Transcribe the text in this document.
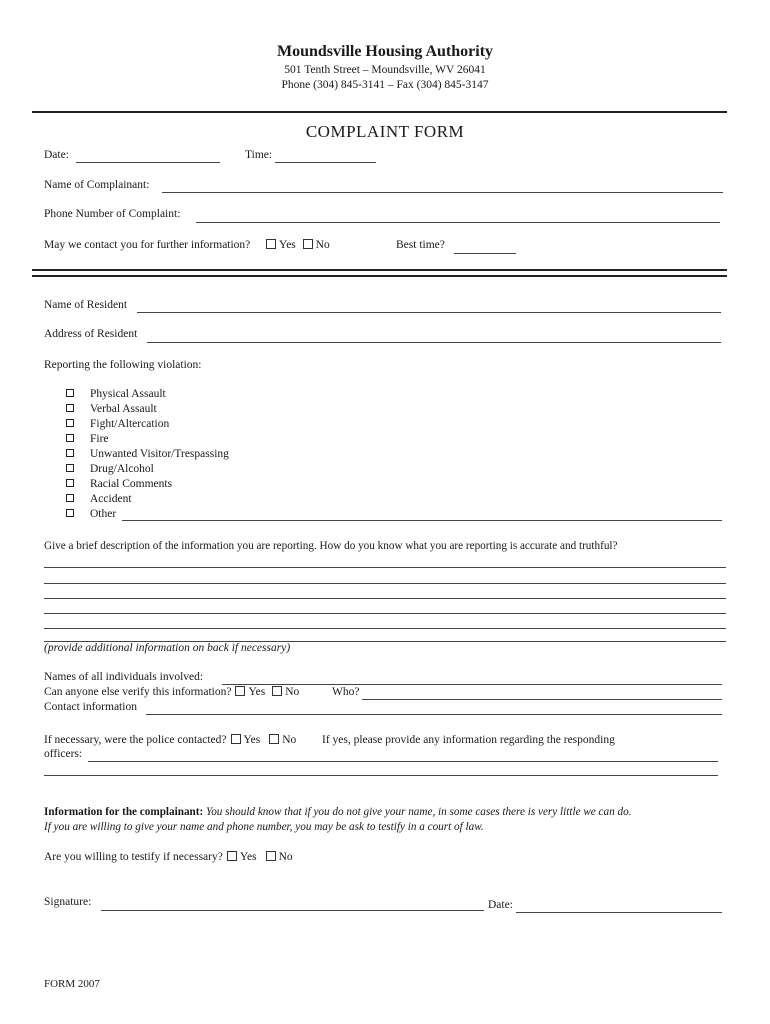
Moundsville Housing Authority
501 Tenth Street – Moundsville, WV 26041
Phone (304) 845-3141 – Fax (304) 845-3147
COMPLAINT FORM
Date:	Time:
Name of Complainant:
Phone Number of Complaint:
May we contact you for further information?	Yes No	Best time?
Name of Resident
Address of Resident
Reporting the following violation:
Physical Assault
Verbal Assault
Fight/Altercation
Fire
Unwanted Visitor/Trespassing
Drug/Alcohol
Racial Comments
Accident
Other
Give a brief description of the information you are reporting. How do you know what you are reporting is accurate and truthful?
(provide additional information on back if necessary)
Names of all individuals involved:
Can anyone else verify this information? Yes No	Who?
Contact information
If necessary, were the police contacted? Yes No If yes, please provide any information regarding the responding
officers:
Information for the complainant: You should know that if you do not give your name, in some cases there is very little we can do.
If you are willing to give your name and phone number, you may be ask to testify in a court of law.
Are you willing to testify if necessary? Yes No
Signature:	Date:
FORM 2007
